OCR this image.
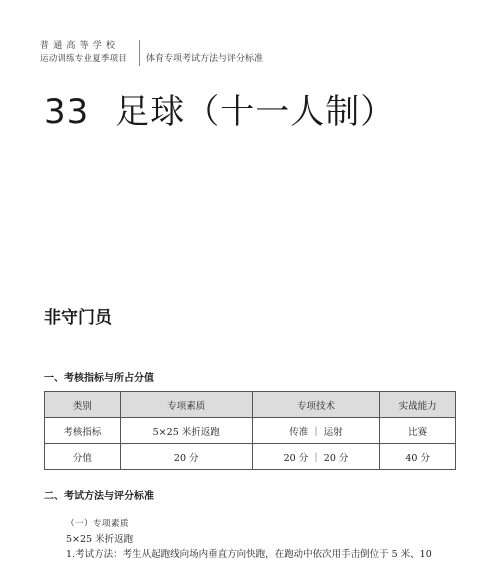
普通高等学校
运动训练专业夏季项目	体育专项考试方法与评分标准
33 足球（十一人制）
非守门员
一、考核指标与所占分值
类别	专项素质	专项技术	实战能力
考核指标	5×25 米折返跑	传准 ｜ 运射	比赛
分值	20 分	20 分 ｜ 20 分	40 分
二、考试方法与评分标准
（一）专项素质
5×25 米折返跑
1.考试方法：考生从起跑线向场内垂直方向快跑，在跑动中依次用手击倒位于 5 米、10
